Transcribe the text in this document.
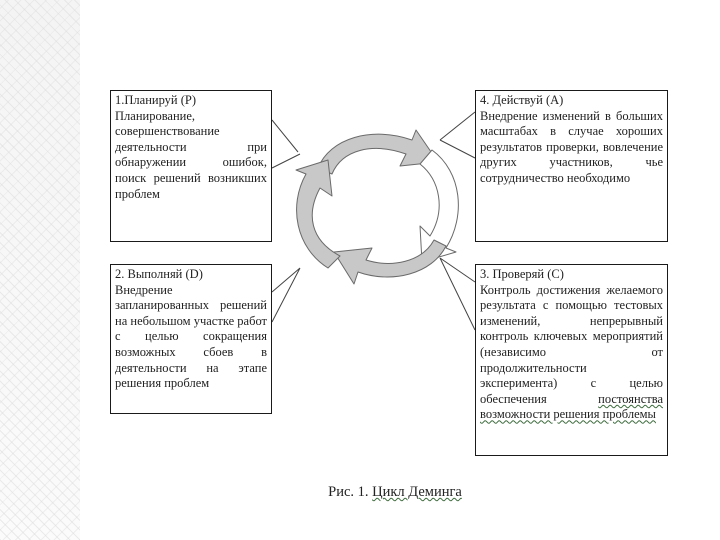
1.Планируй (P)
Планирование, совершенствование деятельности при обнаружении ошибок, поиск решений возникших проблем
4. Действуй (A)
Внедрение изменений в больших масштабах в случае хороших результатов проверки, вовлечение других участников, чье сотрудничество необходимо
2. Выполняй (D)
Внедрение запланированных решений на небольшом участке работ с целью сокращения возможных сбоев в деятельности на этапе решения проблем
3. Проверяй (C)
Контроль достижения желаемого результата с помощью тестовых изменений, непрерывный контроль ключевых мероприятий (независимо от продолжительности эксперимента) с целью обеспечения постоянства возможности решения проблемы
Рис. 1. Цикл Деминга
